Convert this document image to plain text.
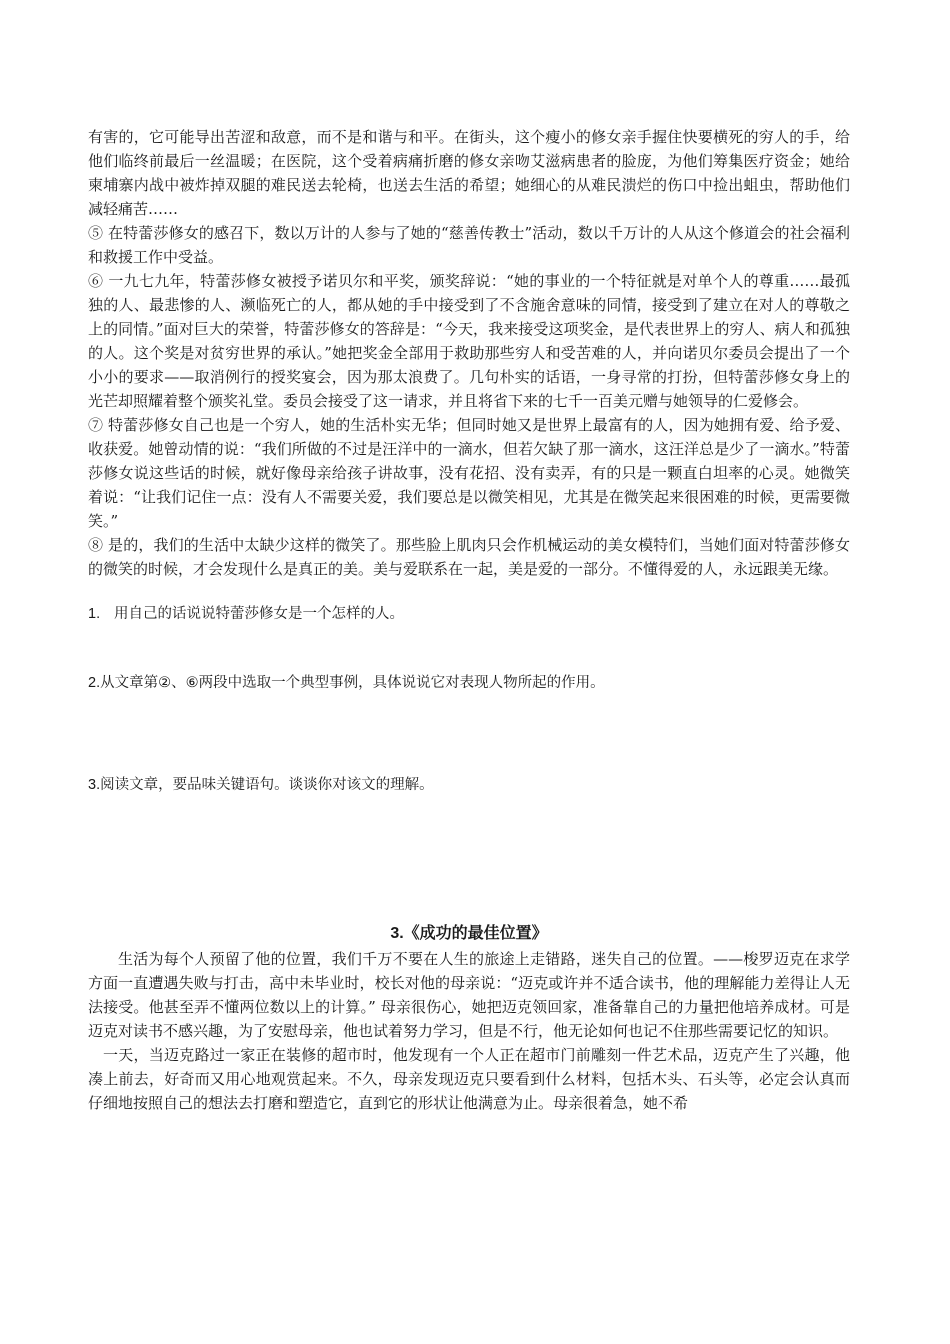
有害的，它可能导出苦涩和敌意，而不是和谐与和平。在街头，这个瘦小的修女亲手握住快要横死的穷人的手，给他们临终前最后一丝温暖；在医院，这个受着病痛折磨的修女亲吻艾滋病患者的脸庞，为他们筹集医疗资金；她给柬埔寨内战中被炸掉双腿的难民送去轮椅，也送去生活的希望；她细心的从难民溃烂的伤口中捡出蛆虫，帮助他们减轻痛苦……

⑤ 在特蕾莎修女的感召下，数以万计的人参与了她的“慈善传教士”活动，数以千万计的人从这个修道会的社会福利和救援工作中受益。

⑥ 一九七九年，特蕾莎修女被授予诺贝尔和平奖，颁奖辞说：“她的事业的一个特征就是对单个人的尊重……最孤独的人、最悲惨的人、濒临死亡的人，都从她的手中接受到了不含施舍意味的同情，接受到了建立在对人的尊敬之上的同情。”面对巨大的荣誉，特蕾莎修女的答辞是：“今天，我来接受这项奖金，是代表世界上的穷人、病人和孤独的人。这个奖是对贫穷世界的承认。”她把奖金全部用于救助那些穷人和受苦难的人，并向诺贝尔委员会提出了一个小小的要求——取消例行的授奖宴会，因为那太浪费了。几句朴实的话语，一身寻常的打扮，但特蕾莎修女身上的光芒却照耀着整个颁奖礼堂。委员会接受了这一请求，并且将省下来的七千一百美元赠与她领导的仁爱修会。

⑦ 特蕾莎修女自己也是一个穷人，她的生活朴实无华；但同时她又是世界上最富有的人，因为她拥有爱、给予爱、收获爱。她曾动情的说：“我们所做的不过是汪洋中的一滴水，但若欠缺了那一滴水，这汪洋总是少了一滴水。”特蕾莎修女说这些话的时候，就好像母亲给孩子讲故事，没有花招、没有卖弄，有的只是一颗直白坦率的心灵。她微笑着说：“让我们记住一点：没有人不需要关爱，我们要总是以微笑相见，尤其是在微笑起来很困难的时候，更需要微笑。”

⑧ 是的，我们的生活中太缺少这样的微笑了。那些脸上肌肉只会作机械运动的美女模特们，当她们面对特蕾莎修女的微笑的时候，才会发现什么是真正的美。美与爱联系在一起，美是爱的一部分。不懂得爱的人，永远跟美无缘。

1. 用自己的话说说特蕾莎修女是一个怎样的人。

2.从文章第②、⑥两段中选取一个典型事例，具体说说它对表现人物所起的作用。

3.阅读文章，要品味关键语句。谈谈你对该文的理解。

3.《成功的最佳位置》

生活为每个人预留了他的位置，我们千万不要在人生的旅途上走错路，迷失自己的位置。——梭罗迈克在求学方面一直遭遇失败与打击，高中未毕业时，校长对他的母亲说：“迈克或许并不适合读书，他的理解能力差得让人无法接受。他甚至弄不懂两位数以上的计算。” 母亲很伤心，她把迈克领回家，准备靠自己的力量把他培养成材。可是迈克对读书不感兴趣，为了安慰母亲，他也试着努力学习，但是不行，他无论如何也记不住那些需要记忆的知识。

一天，当迈克路过一家正在装修的超市时，他发现有一个人正在超市门前雕刻一件艺术品，迈克产生了兴趣，他凑上前去，好奇而又用心地观赏起来。不久，母亲发现迈克只要看到什么材料，包括木头、石头等，必定会认真而仔细地按照自己的想法去打磨和塑造它，直到它的形状让他满意为止。母亲很着急，她不希
